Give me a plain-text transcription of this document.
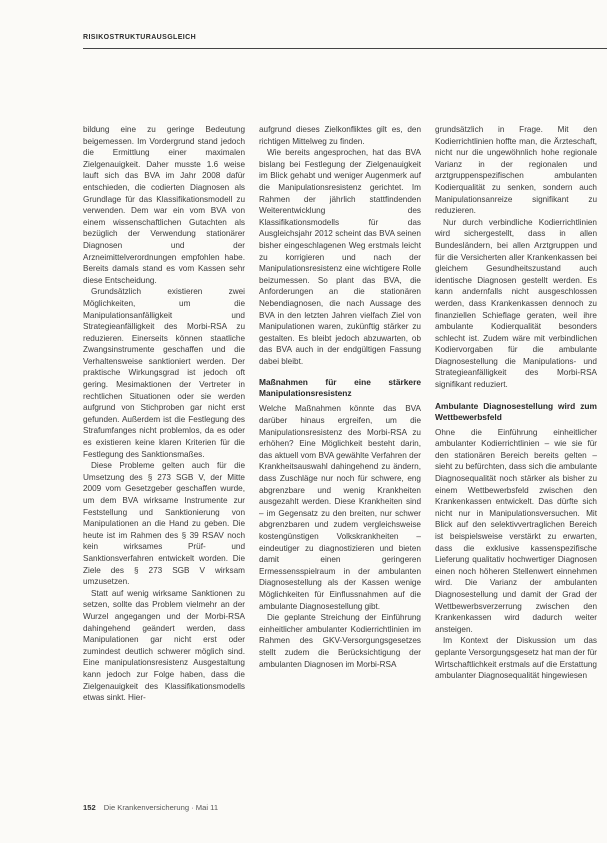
RISIKOSTRUKTURAUSGLEICH

bildung eine zu geringe Bedeutung beigemessen. Im Vordergrund stand jedoch die Ermittlung einer maximalen Zielgenauigkeit. Daher musste 1.6 weise lauft sich das BVA im Jahr 2008 dafür entschieden, die codierten Diagnosen als Grundlage für das Klassifikationsmodell zu verwenden. Dem war ein vom BVA von einem wissenschaftlichen Gutachten als bezüglich der Verwendung stationärer Diagnosen und der Arzneimittelverordnungen empfohlen habe. Bereits damals stand es vom Kassen sehr diese Entscheidung.

Grundsätzlich existieren zwei Möglichkeiten, um die Manipulationsanfälligkeit und Strategieanfälligkeit des Morbi-RSA zu reduzieren. Einerseits können staatliche Zwangsinstrumente geschaffen und die Verhaltensweise sanktioniert werden. Der praktische Wirkungsgrad ist jedoch oft gering. Mesimaktionen der Vertreter in rechtlichen Situationen oder sie werden aufgrund von Stichproben gar nicht erst gefunden. Außerdem ist die Festlegung des Strafumfanges nicht problemlos, da es oder es existieren keine klaren Kriterien für die Festlegung des Sanktionsmaßes.

Diese Probleme gelten auch für die Umsetzung des § 273 SGB V, der Mitte 2009 vom Gesetzgeber geschaffen wurde, um dem BVA wirksame Instrumente zur Feststellung und Sanktionierung von Manipulationen an die Hand zu geben. Die heute ist im Rahmen des § 39 RSAV noch kein wirksames Prüf- und Sanktionsverfahren entwickelt worden. Die Ziele des § 273 SGB V wirksam umzusetzen.

Statt auf wenig wirksame Sanktionen zu setzen, sollte das Problem vielmehr an der Wurzel angegangen und der Morbi-RSA dahingehend geändert werden, dass Manipulationen gar nicht erst oder zumindest deutlich schwerer möglich sind. Eine manipulationsresistenz Ausgestaltung kann jedoch zur Folge haben, dass die Zielgenauigkeit des Klassifikationsmodells etwas sinkt. Hier-

aufgrund dieses Zielkonfliktes gilt es, den richtigen Mittelweg zu finden.

Wie bereits angesprochen, hat das BVA bislang bei Festlegung der Zielgenauigkeit im Blick gehabt und weniger Augenmerk auf die Manipulationsresistenz gerichtet. Im Rahmen der jährlich stattfindenden Weiterentwicklung des Klassifikationsmodells für das Ausgleichsjahr 2012 scheint das BVA seinen bisher eingeschlagenen Weg erstmals leicht zu korrigieren und nach der Manipulationsresistenz eine wichtigere Rolle beizumessen. So plant das BVA, die Anforderungen an die stationären Nebendiagnosen, die nach Aussage des BVA in den letzten Jahren vielfach Ziel von Manipulationen waren, zukünftig stärker zu gestalten. Es bleibt jedoch abzuwarten, ob das BVA auch in der endgültigen Fassung dabei bleibt.

Maßnahmen für eine stärkere Manipulationsresistenz

Welche Maßnahmen könnte das BVA darüber hinaus ergreifen, um die Manipulationsresistenz des Morbi-RSA zu erhöhen? Eine Möglichkeit besteht darin, das aktuell vom BVA gewählte Verfahren der Krankheitsauswahl dahingehend zu ändern, dass Zuschläge nur noch für schwere, eng abgrenzbare und wenig Krankheiten ausgezahlt werden. Diese Krankheiten sind – im Gegensatz zu den breiten, nur schwer abgrenzbaren und zudem vergleichsweise kostengünstigen Volkskrankheiten – eindeutiger zu diagnostizieren und bieten damit einen geringeren Ermessensspielraum in der ambulanten Diagnosestellung als der Kassen wenige Möglichkeiten für Einflussnahmen auf die ambulante Diagnosestellung gibt.

Die geplante Streichung der Einführung einheitlicher ambulanter Kodierrichtlinien im Rahmen des GKV-Versorgungsgesetzes stellt zudem die Berücksichtigung der ambulanten Diagnosen im Morbi-RSA

grundsätzlich in Frage. Mit den Kodierrichtlinien hoffte man, die Ärzteschaft, nicht nur die ungewöhnlich hohe regionale Varianz in der regionalen und arztgruppenspezifischen ambulanten Kodierqualität zu senken, sondern auch Manipulationsanreize signifikant zu reduzieren.

Nur durch verbindliche Kodierrichtlinien wird sichergestellt, dass in allen Bundesländern, bei allen Arztgruppen und für die Versicherten aller Krankenkassen bei gleichem Gesundheitszustand auch identische Diagnosen gestellt werden. Es kann andernfalls nicht ausgeschlossen werden, dass Krankenkassen dennoch zu finanziellen Schieflage geraten, weil ihre ambulante Kodierqualität besonders schlecht ist. Zudem wäre mit verbindlichen Kodiervorgaben für die ambulante Diagnosestellung die Manipulations- und Strategieanfälligkeit des Morbi-RSA signifikant reduziert.

Ambulante Diagnosestellung wird zum Wettbewerbsfeld

Ohne die Einführung einheitlicher ambulanter Kodierrichtlinien – wie sie für den stationären Bereich bereits gelten – sieht zu befürchten, dass sich die ambulante Diagnosequalität noch stärker als bisher zu einem Wettbewerbsfeld zwischen den Krankenkassen entwickelt. Das dürfte sich nicht nur in Manipulationsversuchen. Mit Blick auf den selektivvertraglichen Bereich ist beispielsweise verstärkt zu erwarten, dass die exklusive kassenspezifische Lieferung qualitativ hochwertiger Diagnosen einen noch höheren Stellenwert einnehmen wird. Die Varianz der ambulanten Diagnosestellung und damit der Grad der Wettbewerbsverzerrung zwischen den Krankenkassen wird dadurch weiter ansteigen.

Im Kontext der Diskussion um das geplante Versorgungsgesetz hat man der für Wirtschaftlichkeit erstmals auf die Erstattung ambulanter Diagnosequalität hingewiesen

152 Die Krankenversicherung · Mai 11
